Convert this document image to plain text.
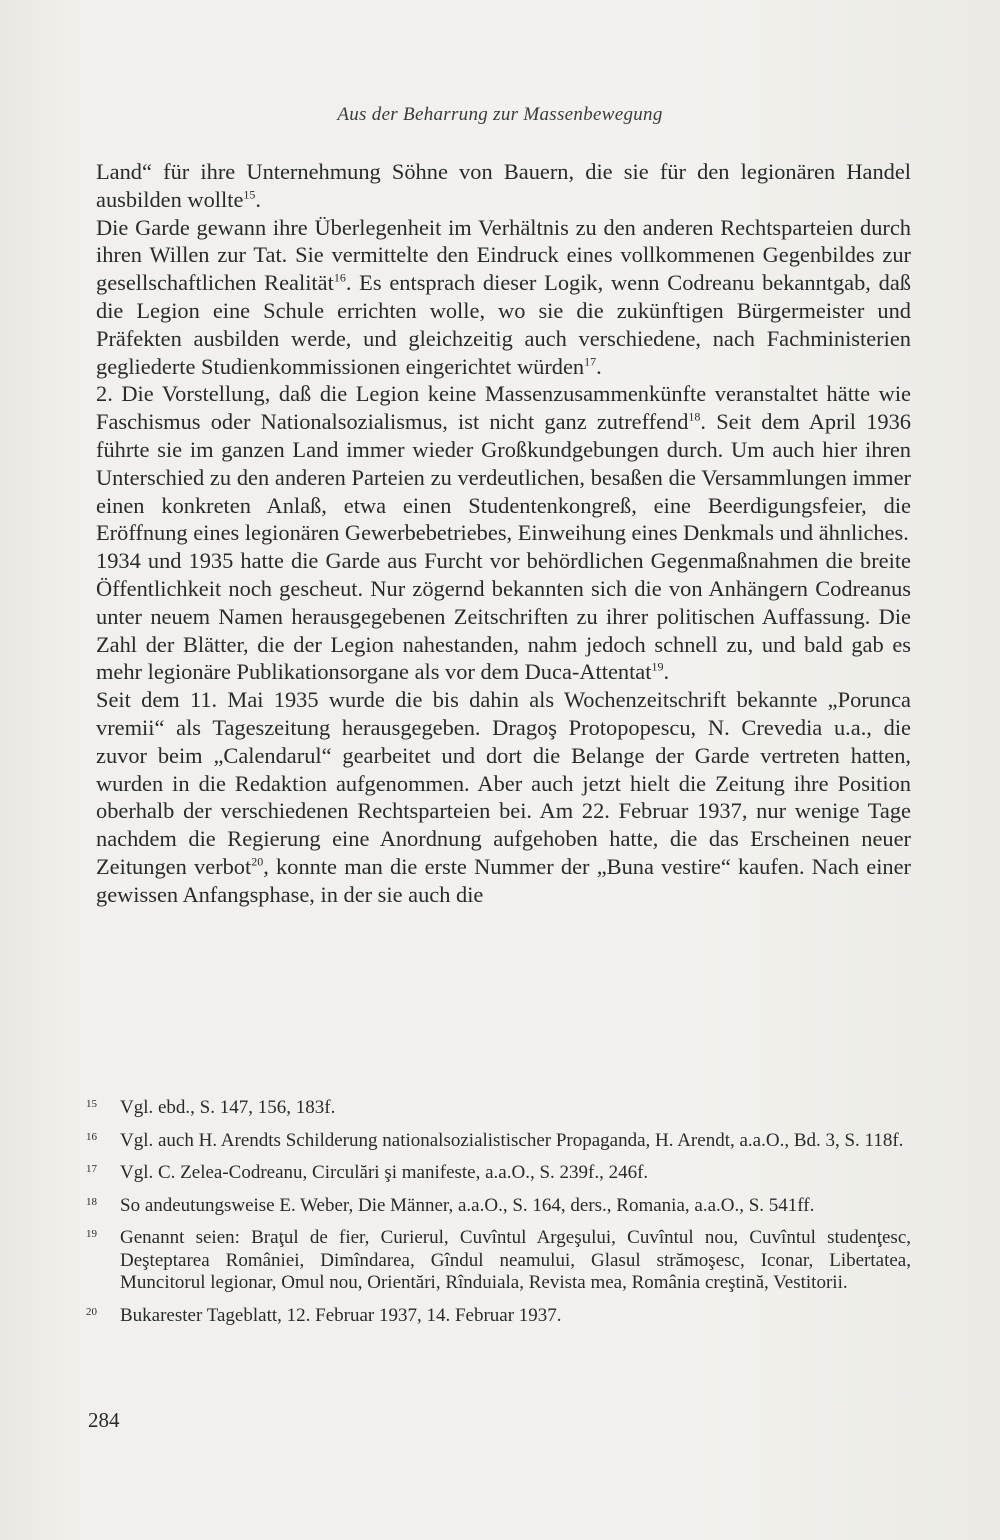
Aus der Beharrung zur Massenbewegung

Land“ für ihre Unternehmung Söhne von Bauern, die sie für den legionären Handel ausbilden wollte$^{15}$.

Die Garde gewann ihre Überlegenheit im Verhältnis zu den anderen Rechtsparteien durch ihren Willen zur Tat. Sie vermittelte den Eindruck eines vollkommenen Gegenbildes zur gesellschaftlichen Realität$^{16}$. Es entsprach dieser Logik, wenn Codreanu bekanntgab, daß die Legion eine Schule errichten wolle, wo sie die zukünftigen Bürgermeister und Präfekten ausbilden werde, und gleichzeitig auch verschiedene, nach Fachministerien gegliederte Studienkommissionen eingerichtet würden$^{17}$.

2. Die Vorstellung, daß die Legion keine Massenzusammenkünfte veranstaltet hätte wie Faschismus oder Nationalsozialismus, ist nicht ganz zutreffend$^{18}$. Seit dem April 1936 führte sie im ganzen Land immer wieder Großkundgebungen durch. Um auch hier ihren Unterschied zu den anderen Parteien zu verdeutlichen, besaßen die Versammlungen immer einen konkreten Anlaß, etwa einen Studentenkongreß, eine Beerdigungsfeier, die Eröffnung eines legionären Gewerbebetriebes, Einweihung eines Denkmals und ähnliches.

1934 und 1935 hatte die Garde aus Furcht vor behördlichen Gegenmaßnahmen die breite Öffentlichkeit noch gescheut. Nur zögernd bekannten sich die von Anhängern Codreanus unter neuem Namen herausgegebenen Zeitschriften zu ihrer politischen Auffassung. Die Zahl der Blätter, die der Legion nahestanden, nahm jedoch schnell zu, und bald gab es mehr legionäre Publikationsorgane als vor dem Duca-Attentat$^{19}$.

Seit dem 11. Mai 1935 wurde die bis dahin als Wochenzeitschrift bekannte „Porunca vremii“ als Tageszeitung herausgegeben. Dragoş Protopopescu, N. Crevedia u.a., die zuvor beim „Calendarul“ gearbeitet und dort die Belange der Garde vertreten hatten, wurden in die Redaktion aufgenommen. Aber auch jetzt hielt die Zeitung ihre Position oberhalb der verschiedenen Rechtsparteien bei. Am 22. Februar 1937, nur wenige Tage nachdem die Regierung eine Anordnung aufgehoben hatte, die das Erscheinen neuer Zeitungen verbot$^{20}$, konnte man die erste Nummer der „Buna vestire“ kaufen. Nach einer gewissen Anfangsphase, in der sie auch die

15 Vgl. ebd., S. 147, 156, 183f.
16 Vgl. auch H. Arendts Schilderung nationalsozialistischer Propaganda, H. Arendt, a.a.O., Bd. 3, S. 118f.
17 Vgl. C. Zelea-Codreanu, Circulări şi manifeste, a.a.O., S. 239f., 246f.
18 So andeutungsweise E. Weber, Die Männer, a.a.O., S. 164, ders., Romania, a.a.O., S. 541ff.
19 Genannt seien: Braţul de fier, Curierul, Cuvîntul Argeşului, Cuvîntul nou, Cuvîntul studenţesc, Deşteptarea României, Dimîndarea, Gîndul neamului, Glasul strămoşesc, Iconar, Libertatea, Muncitorul legionar, Omul nou, Orientări, Rînduiala, Revista mea, România creştină, Vestitorii.
20 Bukarester Tageblatt, 12. Februar 1937, 14. Februar 1937.
284
